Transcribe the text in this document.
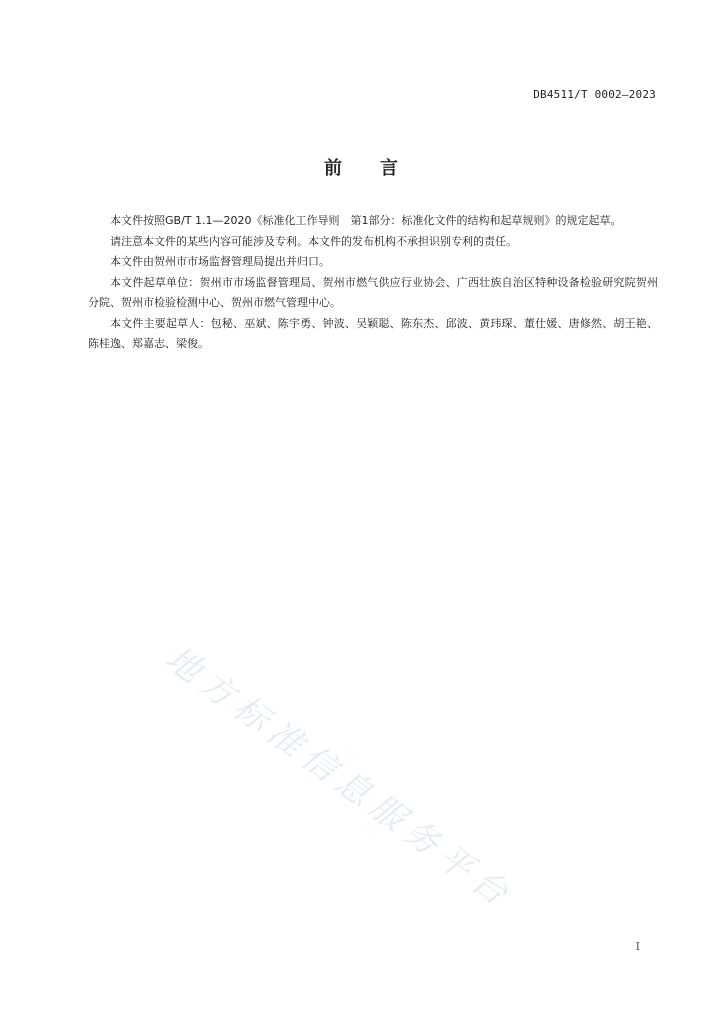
DB4511/T 0002—2023
前 言

本文件按照GB/T 1.1—2020《标准化工作导则　第1部分：标准化文件的结构和起草规则》的规定起草。

请注意本文件的某些内容可能涉及专利。本文件的发布机构不承担识别专利的责任。

本文件由贺州市市场监督管理局提出并归口。

本文件起草单位：贺州市市场监督管理局、贺州市燃气供应行业协会、广西壮族自治区特种设备检验研究院贺州分院、贺州市检验检测中心、贺州市燃气管理中心。

本文件主要起草人：包秘、巫斌、陈宇勇、钟波、吴颖聪、陈东杰、邱波、黄玮琛、董仕媛、唐修然、胡王艳、陈桂逸、郑嘉志、梁俊。

地方标准信息服务平台
I
